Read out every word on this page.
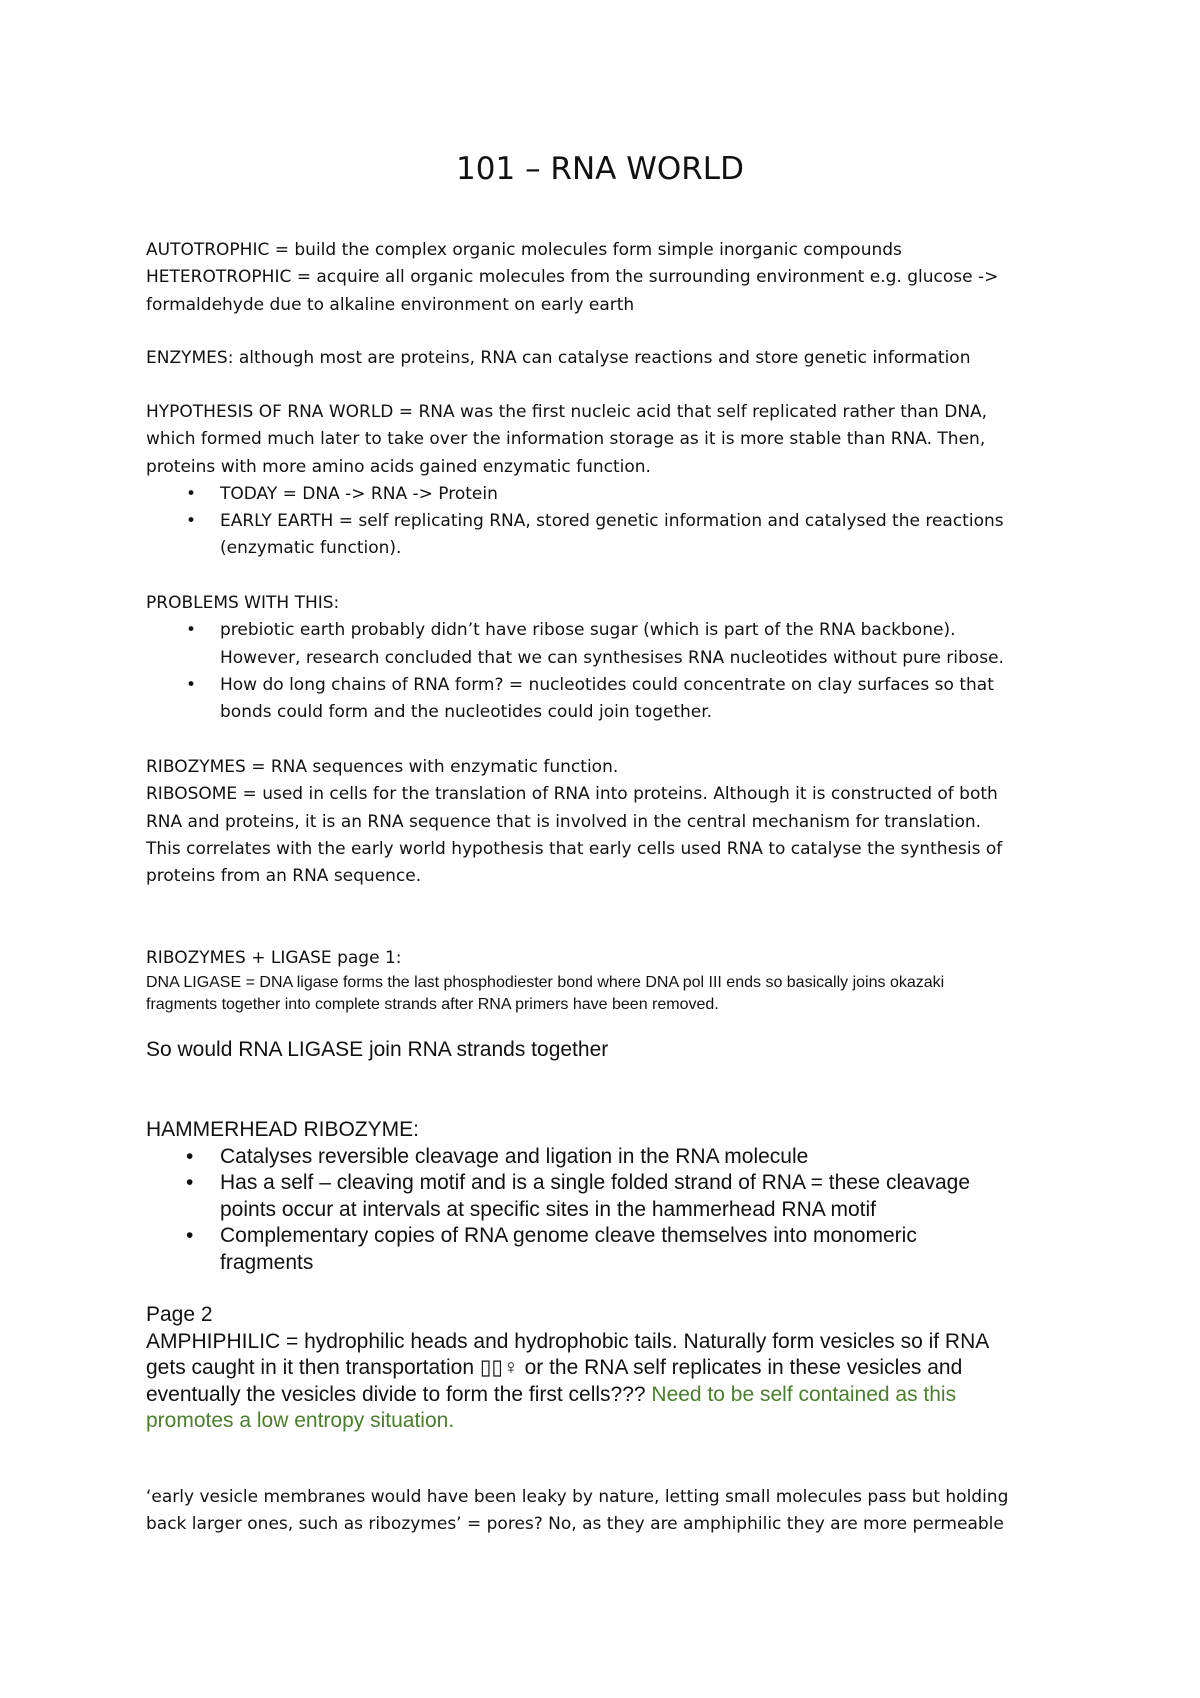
101 – RNA WORLD
AUTOTROPHIC = build the complex organic molecules form simple inorganic compounds
HETEROTROPHIC = acquire all organic molecules from the surrounding environment e.g. glucose ->
formaldehyde due to alkaline environment on early earth
ENZYMES: although most are proteins, RNA can catalyse reactions and store genetic information
HYPOTHESIS OF RNA WORLD = RNA was the first nucleic acid that self replicated rather than DNA,
which formed much later to take over the information storage as it is more stable than RNA. Then,
proteins with more amino acids gained enzymatic function.
• TODAY = DNA -> RNA -> Protein
• EARLY EARTH = self replicating RNA, stored genetic information and catalysed the reactions
(enzymatic function).
PROBLEMS WITH THIS:
• prebiotic earth probably didn’t have ribose sugar (which is part of the RNA backbone).
However, research concluded that we can synthesises RNA nucleotides without pure ribose.
• How do long chains of RNA form? = nucleotides could concentrate on clay surfaces so that
bonds could form and the nucleotides could join together.
RIBOZYMES = RNA sequences with enzymatic function.
RIBOSOME = used in cells for the translation of RNA into proteins. Although it is constructed of both
RNA and proteins, it is an RNA sequence that is involved in the central mechanism for translation.
This correlates with the early world hypothesis that early cells used RNA to catalyse the synthesis of
proteins from an RNA sequence.
RIBOZYMES + LIGASE page 1:
DNA LIGASE = DNA ligase forms the last phosphodiester bond where DNA pol III ends so basically joins okazaki
fragments together into complete strands after RNA primers have been removed.
So would RNA LIGASE join RNA strands together
HAMMERHEAD RIBOZYME:
• Catalyses reversible cleavage and ligation in the RNA molecule
• Has a self – cleaving motif and is a single folded strand of RNA = these cleavage
points occur at intervals at specific sites in the hammerhead RNA motif
• Complementary copies of RNA genome cleave themselves into monomeric
fragments
Page 2
AMPHIPHILIC = hydrophilic heads and hydrophobic tails. Naturally form vesicles so if RNA
gets caught in it then transportation ▯▯♀ or the RNA self replicates in these vesicles and
eventually the vesicles divide to form the first cells??? Need to be self contained as this
promotes a low entropy situation.
‘early vesicle membranes would have been leaky by nature, letting small molecules pass but holding
back larger ones, such as ribozymes’ = pores? No, as they are amphiphilic they are more permeable
